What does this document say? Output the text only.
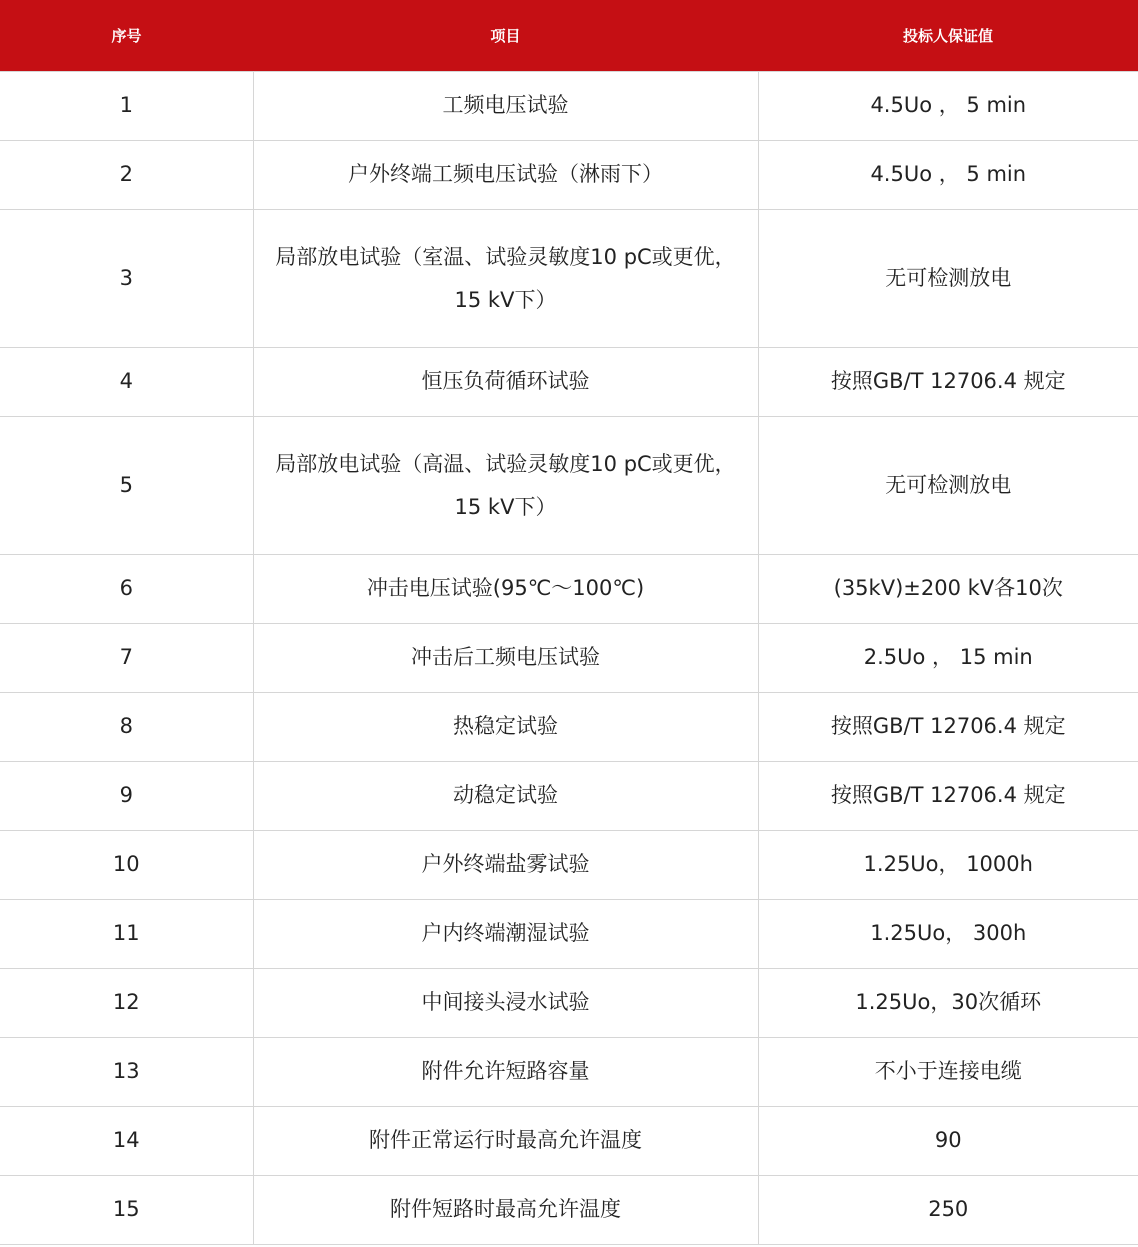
序号	项目	投标人保证值
1	工频电压试验	4.5Uo ， 5 min
2	户外终端工频电压试验（淋雨下）	4.5Uo ， 5 min
3	局部放电试验（室温、试验灵敏度10 pC或更优， 15 kV下）	无可检测放电
4	恒压负荷循环试验	按照GB/T 12706.4 规定
5	局部放电试验（高温、试验灵敏度10 pC或更优， 15 kV下）	无可检测放电
6	冲击电压试验(95℃～100℃)	(35kV)±200 kV各10次
7	冲击后工频电压试验	2.5Uo ， 15 min
8	热稳定试验	按照GB/T 12706.4 规定
9	动稳定试验	按照GB/T 12706.4 规定
10	户外终端盐雾试验	1.25Uo， 1000h
11	户内终端潮湿试验	1.25Uo， 300h
12	中间接头浸水试验	1.25Uo，30次循环
13	附件允许短路容量	不小于连接电缆
14	附件正常运行时最高允许温度	90
15	附件短路时最高允许温度	250
